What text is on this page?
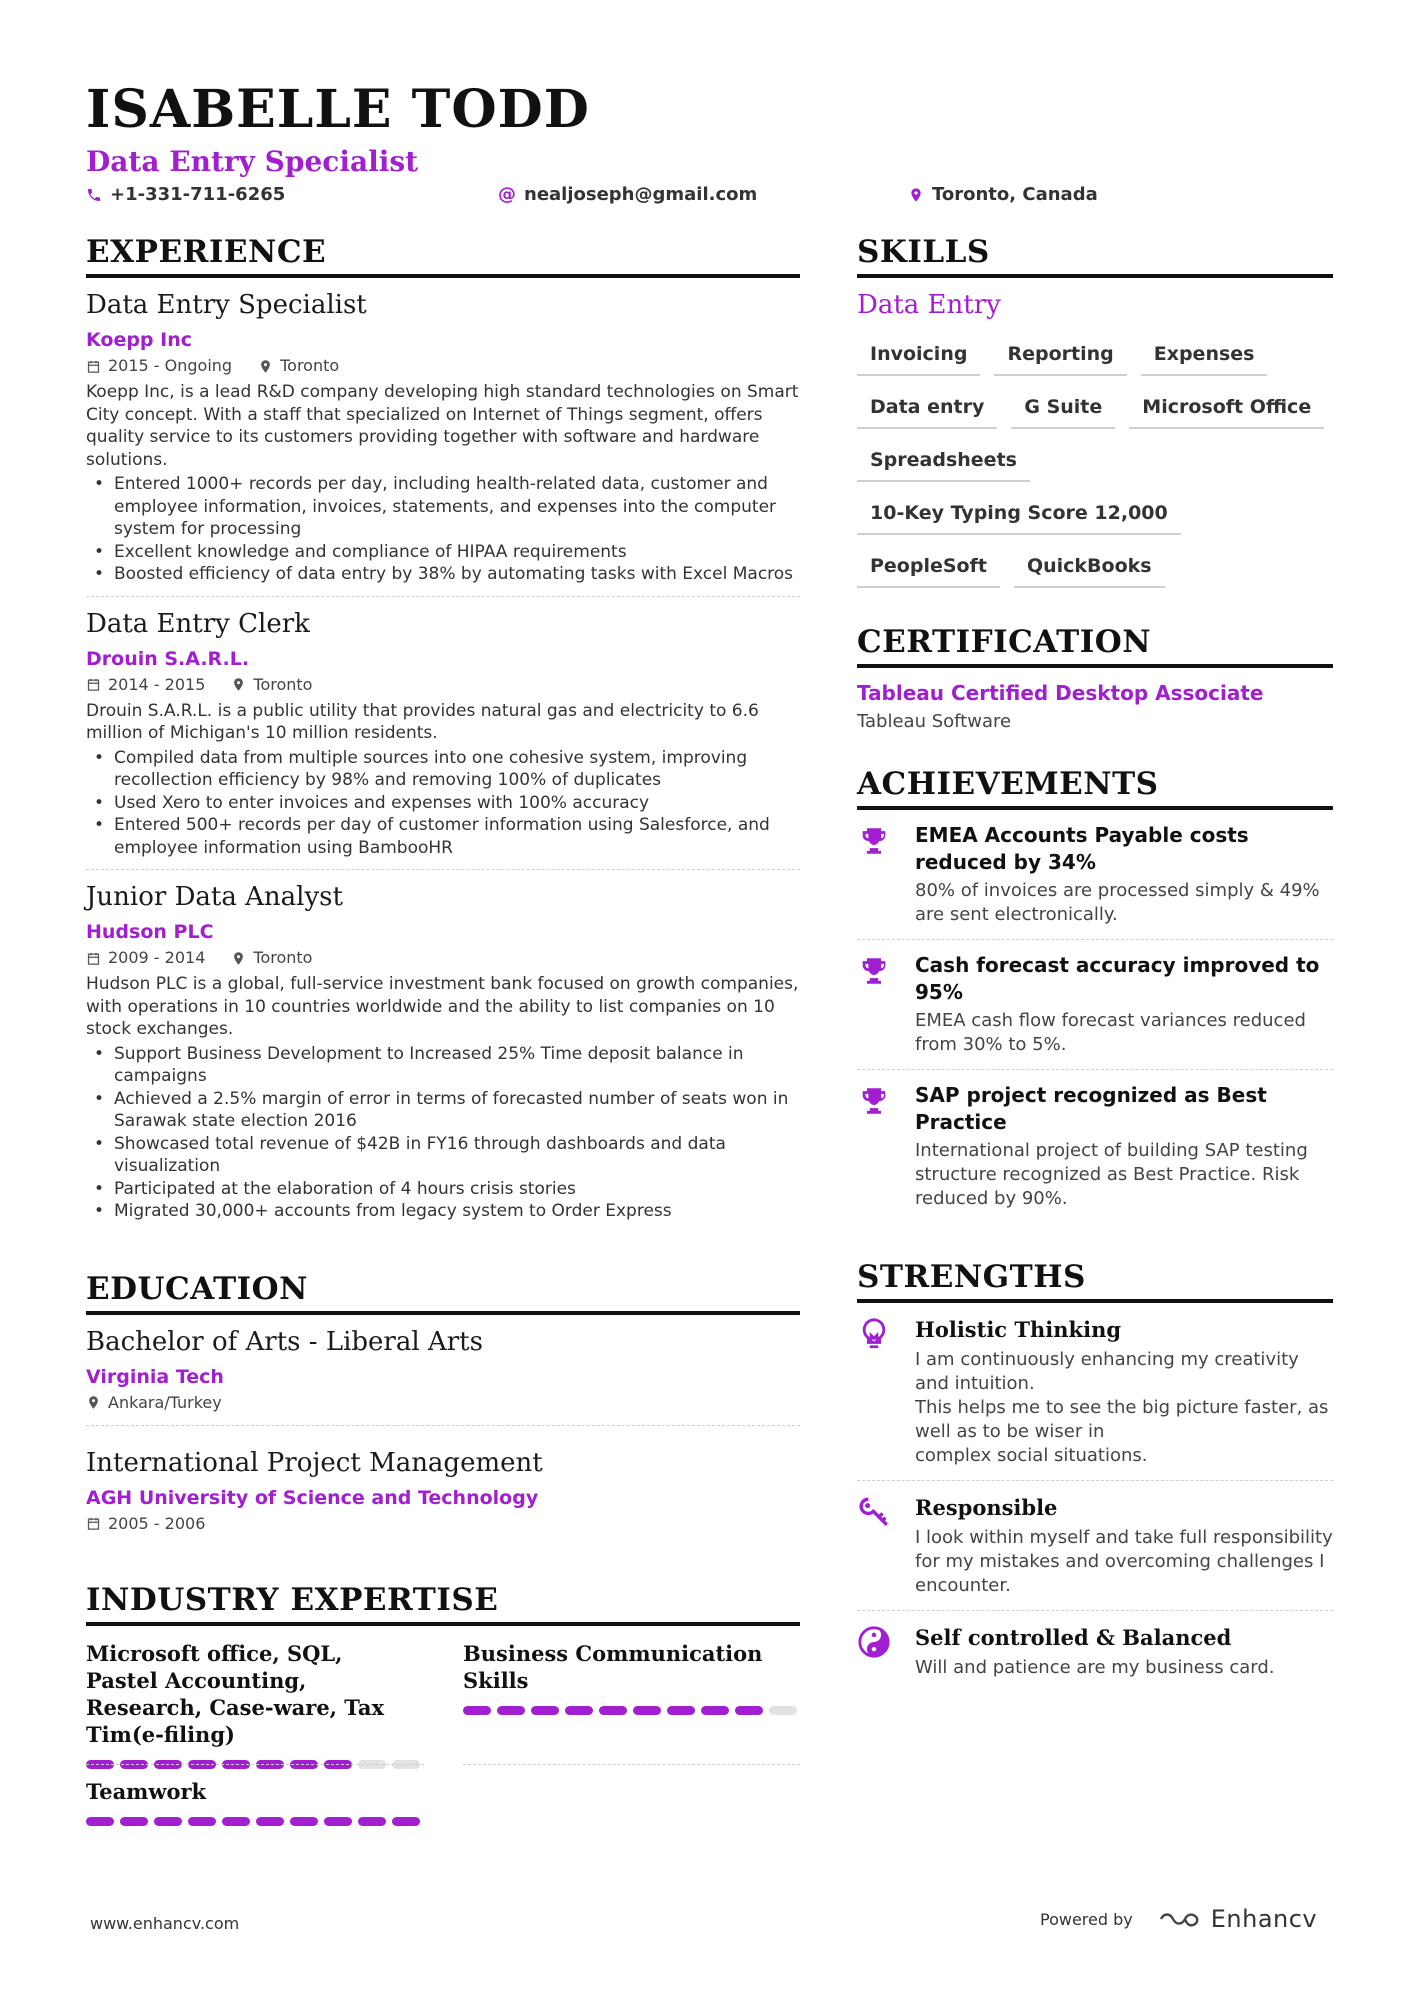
ISABELLE TODD
Data Entry Specialist
+1-331-711-6265	@ nealjoseph@gmail.com	Toronto, Canada
EXPERIENCE
Data Entry Specialist
Koepp Inc
2015 - Ongoing	Toronto
Koepp Inc, is a lead R&D company developing high standard technologies on Smart City concept. With a staff that specialized on Internet of Things segment, offers quality service to its customers providing together with software and hardware solutions.
• Entered 1000+ records per day, including health-related data, customer and employee information, invoices, statements, and expenses into the computer system for processing
• Excellent knowledge and compliance of HIPAA requirements
• Boosted efficiency of data entry by 38% by automating tasks with Excel Macros
Data Entry Clerk
Drouin S.A.R.L.
2014 - 2015	Toronto
Drouin S.A.R.L. is a public utility that provides natural gas and electricity to 6.6 million of Michigan's 10 million residents.
• Compiled data from multiple sources into one cohesive system, improving recollection efficiency by 98% and removing 100% of duplicates
• Used Xero to enter invoices and expenses with 100% accuracy
• Entered 500+ records per day of customer information using Salesforce, and employee information using BambooHR
Junior Data Analyst
Hudson PLC
2009 - 2014	Toronto
Hudson PLC is a global, full-service investment bank focused on growth companies, with operations in 10 countries worldwide and the ability to list companies on 10 stock exchanges.
• Support Business Development to Increased 25% Time deposit balance in campaigns
• Achieved a 2.5% margin of error in terms of forecasted number of seats won in Sarawak state election 2016
• Showcased total revenue of $42B in FY16 through dashboards and data visualization
• Participated at the elaboration of 4 hours crisis stories
• Migrated 30,000+ accounts from legacy system to Order Express
EDUCATION
Bachelor of Arts - Liberal Arts
Virginia Tech
Ankara/Turkey
International Project Management
AGH University of Science and Technology
2005 - 2006
INDUSTRY EXPERTISE
Microsoft office, SQL, Pastel Accounting, Research, Case-ware, Tax Tim(e-filing)
Business Communication Skills
Teamwork
SKILLS
Data Entry
Invoicing	Reporting	Expenses
Data entry	G Suite	Microsoft Office
Spreadsheets
10-Key Typing Score 12,000
PeopleSoft	QuickBooks
CERTIFICATION
Tableau Certified Desktop Associate
Tableau Software
ACHIEVEMENTS
EMEA Accounts Payable costs reduced by 34%
80% of invoices are processed simply & 49% are sent electronically.
Cash forecast accuracy improved to 95%
EMEA cash flow forecast variances reduced from 30% to 5%.
SAP project recognized as Best Practice
International project of building SAP testing structure recognized as Best Practice. Risk reduced by 90%.
STRENGTHS
Holistic Thinking
I am continuously enhancing my creativity and intuition.
This helps me to see the big picture faster, as well as to be wiser in
complex social situations.
Responsible
I look within myself and take full responsibility for my mistakes and overcoming challenges I encounter.
Self controlled & Balanced
Will and patience are my business card.
www.enhancv.com	Powered by	Enhancv
